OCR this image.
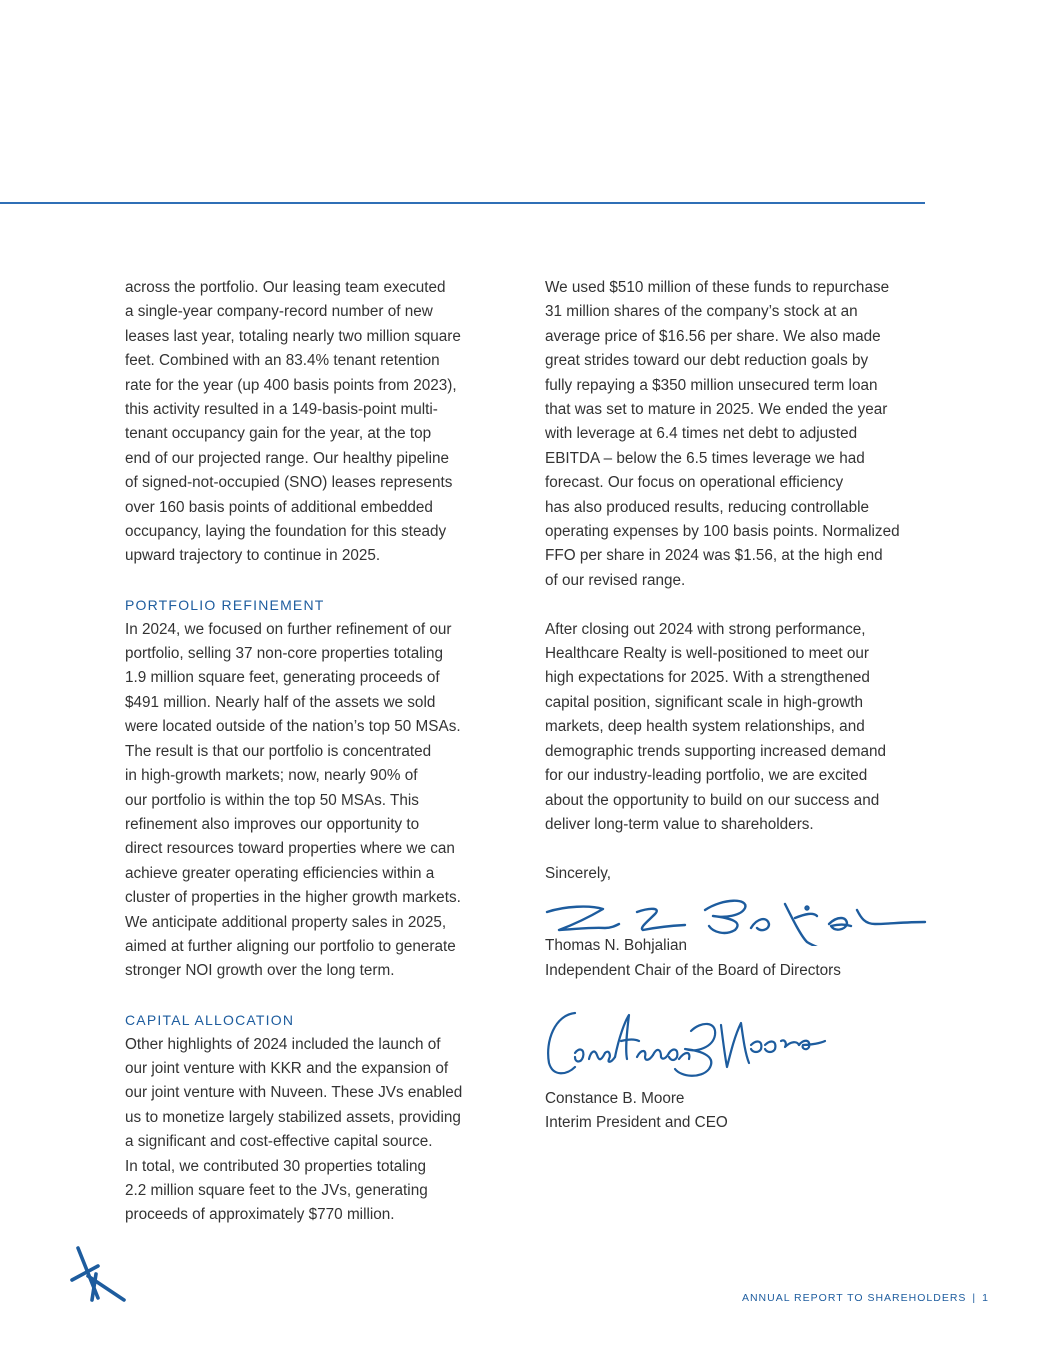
across the portfolio. Our leasing team executed
a single-year company-record number of new
leases last year, totaling nearly two million square
feet. Combined with an 83.4% tenant retention
rate for the year (up 400 basis points from 2023),
this activity resulted in a 149-basis-point multi-
tenant occupancy gain for the year, at the top
end of our projected range. Our healthy pipeline
of signed-not-occupied (SNO) leases represents
over 160 basis points of additional embedded
occupancy, laying the foundation for this steady
upward trajectory to continue in 2025.
PORTFOLIO REFINEMENT
In 2024, we focused on further refinement of our
portfolio, selling 37 non-core properties totaling
1.9 million square feet, generating proceeds of
$491 million. Nearly half of the assets we sold
were located outside of the nation’s top 50 MSAs.
The result is that our portfolio is concentrated
in high-growth markets; now, nearly 90% of
our portfolio is within the top 50 MSAs. This
refinement also improves our opportunity to
direct resources toward properties where we can
achieve greater operating efficiencies within a
cluster of properties in the higher growth markets.
We anticipate additional property sales in 2025,
aimed at further aligning our portfolio to generate
stronger NOI growth over the long term.
CAPITAL ALLOCATION
Other highlights of 2024 included the launch of
our joint venture with KKR and the expansion of
our joint venture with Nuveen. These JVs enabled
us to monetize largely stabilized assets, providing
a significant and cost-effective capital source.
In total, we contributed 30 properties totaling
2.2 million square feet to the JVs, generating
proceeds of approximately $770 million.
We used $510 million of these funds to repurchase
31 million shares of the company’s stock at an
average price of $16.56 per share. We also made
great strides toward our debt reduction goals by
fully repaying a $350 million unsecured term loan
that was set to mature in 2025. We ended the year
with leverage at 6.4 times net debt to adjusted
EBITDA – below the 6.5 times leverage we had
forecast. Our focus on operational efficiency
has also produced results, reducing controllable
operating expenses by 100 basis points. Normalized
FFO per share in 2024 was $1.56, at the high end
of our revised range.
After closing out 2024 with strong performance,
Healthcare Realty is well-positioned to meet our
high expectations for 2025. With a strengthened
capital position, significant scale in high-growth
markets, deep health system relationships, and
demographic trends supporting increased demand
for our industry-leading portfolio, we are excited
about the opportunity to build on our success and
deliver long-term value to shareholders.
Sincerely,
Thomas N. Bohjalian
Independent Chair of the Board of Directors
Constance B. Moore
Interim President and CEO
ANNUAL REPORT TO SHAREHOLDERS | 1
